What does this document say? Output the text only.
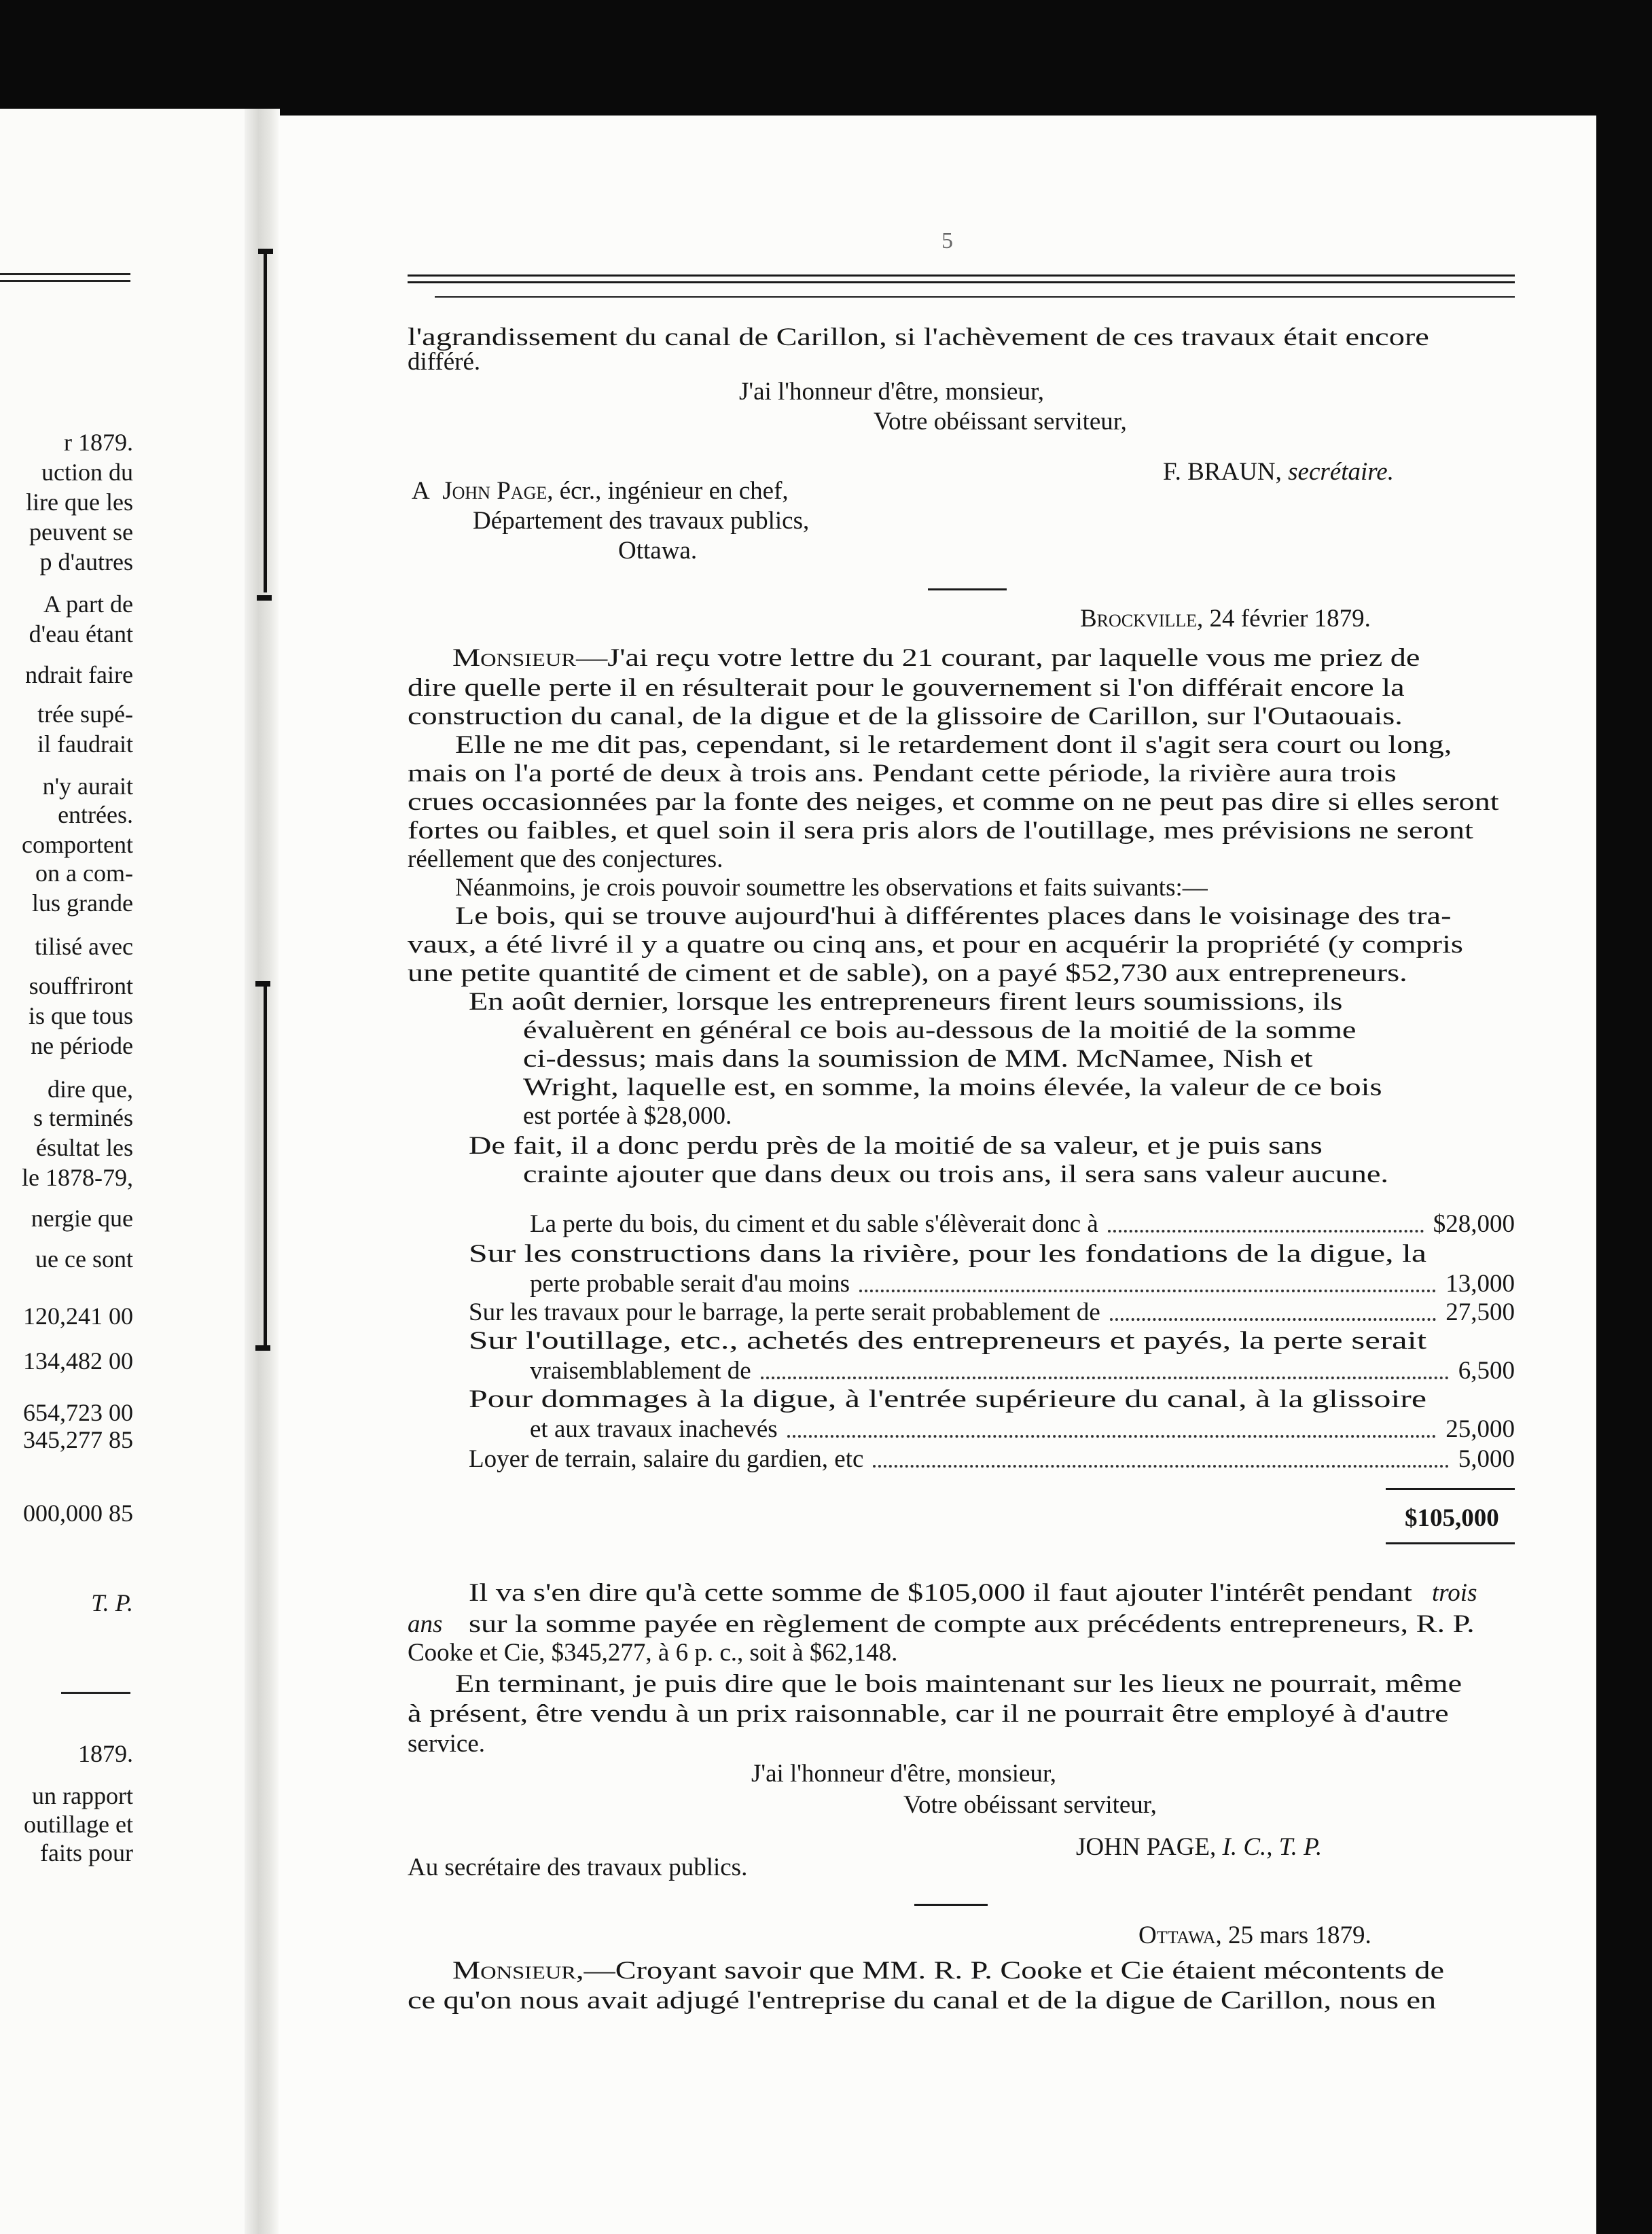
r 1879.
uction du
lire que les
peuvent se
p d'autres
A part de
d'eau étant
ndrait faire
trée supé-
il faudrait
n'y aurait
entrées.
comportent
on a com-
lus grande
tilisé avec
souffriront
is que tous
ne période
dire que,
s terminés
ésultat les
le 1878-79,
nergie que
ue ce sont
120,241 00
134,482 00
654,723 00
345,277 85
000,000 85
T. P.
1879.
un rapport
outillage et
faits pour
5
l'agrandissement du canal de Carillon, si l'achèvement de ces travaux était encore
différé.
J'ai l'honneur d'être, monsieur,
Votre obéissant serviteur,
F. BRAUN, secrétaire.
A John Page, écr., ingénieur en chef,
Département des travaux publics,
Ottawa.
Brockville, 24 février 1879.
Monsieur—J'ai reçu votre lettre du 21 courant, par laquelle vous me priez de
dire quelle perte il en résulterait pour le gouvernement si l'on différait encore la
construction du canal, de la digue et de la glissoire de Carillon, sur l'Outaouais.
Elle ne me dit pas, cependant, si le retardement dont il s'agit sera court ou long,
mais on l'a porté de deux à trois ans. Pendant cette période, la rivière aura trois
crues occasionnées par la fonte des neiges, et comme on ne peut pas dire si elles seront
fortes ou faibles, et quel soin il sera pris alors de l'outillage, mes prévisions ne seront
réellement que des conjectures.
Néanmoins, je crois pouvoir soumettre les observations et faits suivants:—
Le bois, qui se trouve aujourd'hui à différentes places dans le voisinage des tra-
vaux, a été livré il y a quatre ou cinq ans, et pour en acquérir la propriété (y compris
une petite quantité de ciment et de sable), on a payé $52,730 aux entrepreneurs.
En août dernier, lorsque les entrepreneurs firent leurs soumissions, ils
évaluèrent en général ce bois au-dessous de la moitié de la somme
ci-dessus; mais dans la soumission de MM. McNamee, Nish et
Wright, laquelle est, en somme, la moins élevée, la valeur de ce bois
est portée à $28,000.
De fait, il a donc perdu près de la moitié de sa valeur, et je puis sans
crainte ajouter que dans deux ou trois ans, il sera sans valeur aucune.
La perte du bois, du ciment et du sable s'élèverait donc à	$28,000
Sur les constructions dans la rivière, pour les fondations de la digue, la
perte probable serait d'au moins	13,000
Sur les travaux pour le barrage, la perte serait probablement de	27,500
Sur l'outillage, etc., achetés des entrepreneurs et payés, la perte serait
vraisemblablement de	6,500
Pour dommages à la digue, à l'entrée supérieure du canal, à la glissoire
et aux travaux inachevés	25,000
Loyer de terrain, salaire du gardien, etc	5,000
$105,000
Il va s'en dire qu'à cette somme de $105,000 il faut ajouter l'intérêt pendant
sur la somme payée en règlement de compte aux précédents entrepreneurs, R. P.
Cooke et Cie, $345,277, à 6 p. c., soit à $62,148.
En terminant, je puis dire que le bois maintenant sur les lieux ne pourrait, même
à présent, être vendu à un prix raisonnable, car il ne pourrait être employé à d'autre
service.
trois
ans
J'ai l'honneur d'être, monsieur,
Votre obéissant serviteur,
JOHN PAGE, I. C., T. P.
Au secrétaire des travaux publics.
Ottawa, 25 mars 1879.
Monsieur,—Croyant savoir que MM. R. P. Cooke et Cie étaient mécontents de
ce qu'on nous avait adjugé l'entreprise du canal et de la digue de Carillon, nous en
